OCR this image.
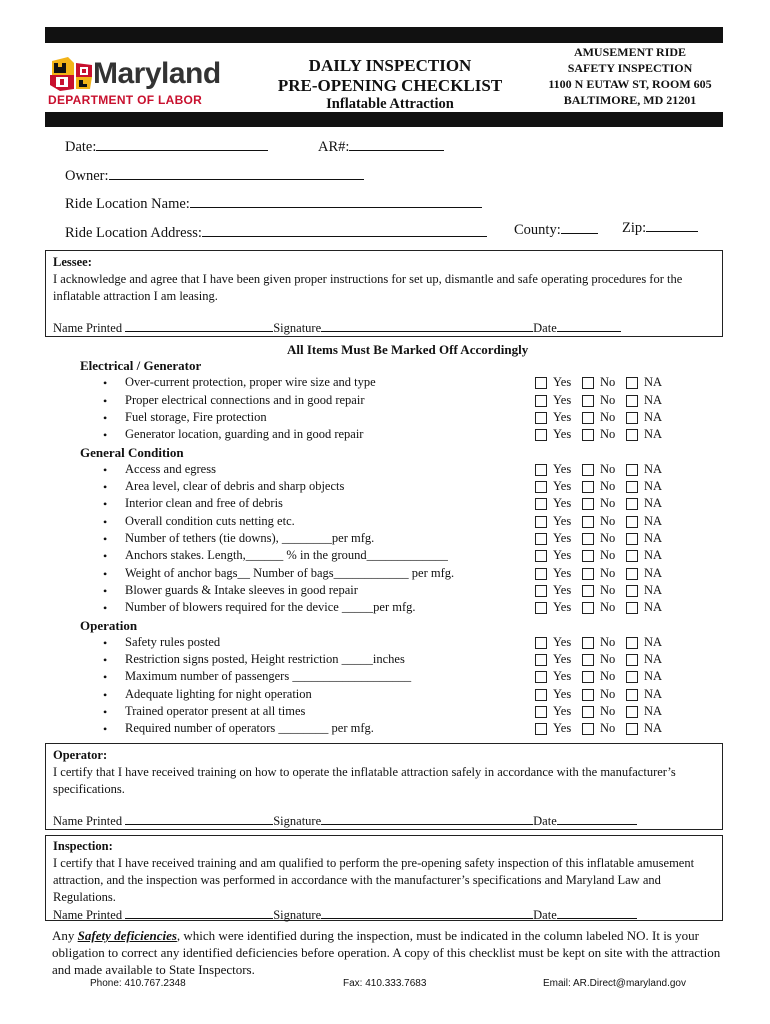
Maryland
DEPARTMENT OF LABOR
DAILY INSPECTION
PRE-OPENING CHECKLIST
Inflatable Attraction
AMUSEMENT RIDE
SAFETY INSPECTION
1100 N EUTAW ST, ROOM 605
BALTIMORE, MD 21201
Date:	AR#:
Owner:
Ride Location Name:
Ride Location Address:	County:	Zip:
Lessee:
I acknowledge and agree that I have been given proper instructions for set up, dismantle and safe operating procedures for the inflatable attraction I am leasing.
Name Printed	Signature	Date
All Items Must Be Marked Off Accordingly
Electrical / Generator
• Over-current protection, proper wire size and type	Yes No NA
• Proper electrical connections and in good repair	Yes No NA
• Fuel storage, Fire protection	Yes No NA
• Generator location, guarding and in good repair	Yes No NA
General Condition
• Access and egress	Yes No NA
• Area level, clear of debris and sharp objects	Yes No NA
• Interior clean and free of debris	Yes No NA
• Overall condition cuts netting etc.	Yes No NA
• Number of tethers (tie downs), ________per mfg.	Yes No NA
• Anchors stakes. Length,______ % in the ground_____________	Yes No NA
• Weight of anchor bags__ Number of bags____________ per mfg.	Yes No NA
• Blower guards & Intake sleeves in good repair	Yes No NA
• Number of blowers required for the device _____per mfg.	Yes No NA
Operation
• Safety rules posted	Yes No NA
• Restriction signs posted, Height restriction _____inches	Yes No NA
• Maximum number of passengers ___________________	Yes No NA
• Adequate lighting for night operation	Yes No NA
• Trained operator present at all times	Yes No NA
• Required number of operators ________ per mfg.	Yes No NA
Operator:
I certify that I have received training on how to operate the inflatable attraction safely in accordance with the manufacturer’s specifications.
Name Printed	Signature	Date
Inspection:
I certify that I have received training and am qualified to perform the pre-opening safety inspection of this inflatable amusement attraction, and the inspection was performed in accordance with the manufacturer’s specifications and Maryland Law and Regulations.
Name Printed	Signature	Date
Any Safety deficiencies, which were identified during the inspection, must be indicated in the column labeled NO. It is your obligation to correct any identified deficiencies before operation. A copy of this checklist must be kept on site with the attraction and made available to State Inspectors.
Phone: 410.767.2348	Fax: 410.333.7683	Email: AR.Direct@maryland.gov
